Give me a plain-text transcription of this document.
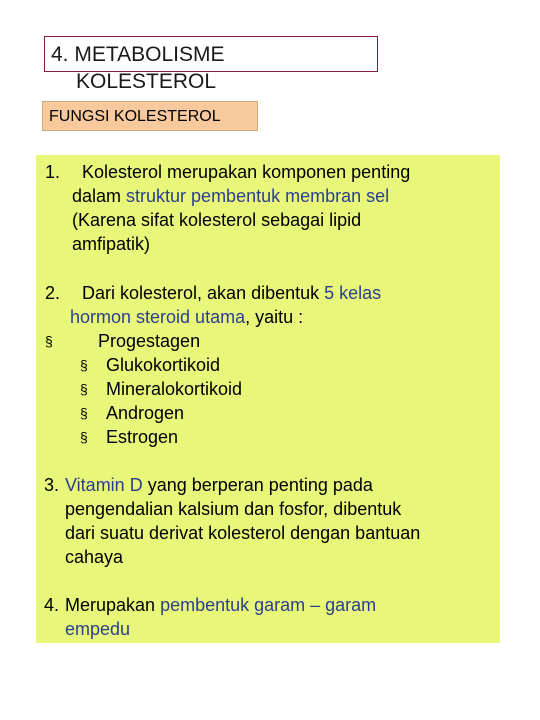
4. METABOLISME
KOLESTEROL
FUNGSI KOLESTEROL
1. Kolesterol merupakan komponen penting
dalam struktur pembentuk membran sel
(Karena sifat kolesterol sebagai lipid
amfipatik)
2. Dari kolesterol, akan dibentuk 5 kelas
hormon steroid utama, yaitu :
§	Progestagen
§ Glukokortikoid
§ Mineralokortikoid
§ Androgen
§ Estrogen
3. Vitamin D yang berperan penting pada
pengendalian kalsium dan fosfor, dibentuk
dari suatu derivat kolesterol dengan bantuan
cahaya
4. Merupakan pembentuk garam – garam
empedu
